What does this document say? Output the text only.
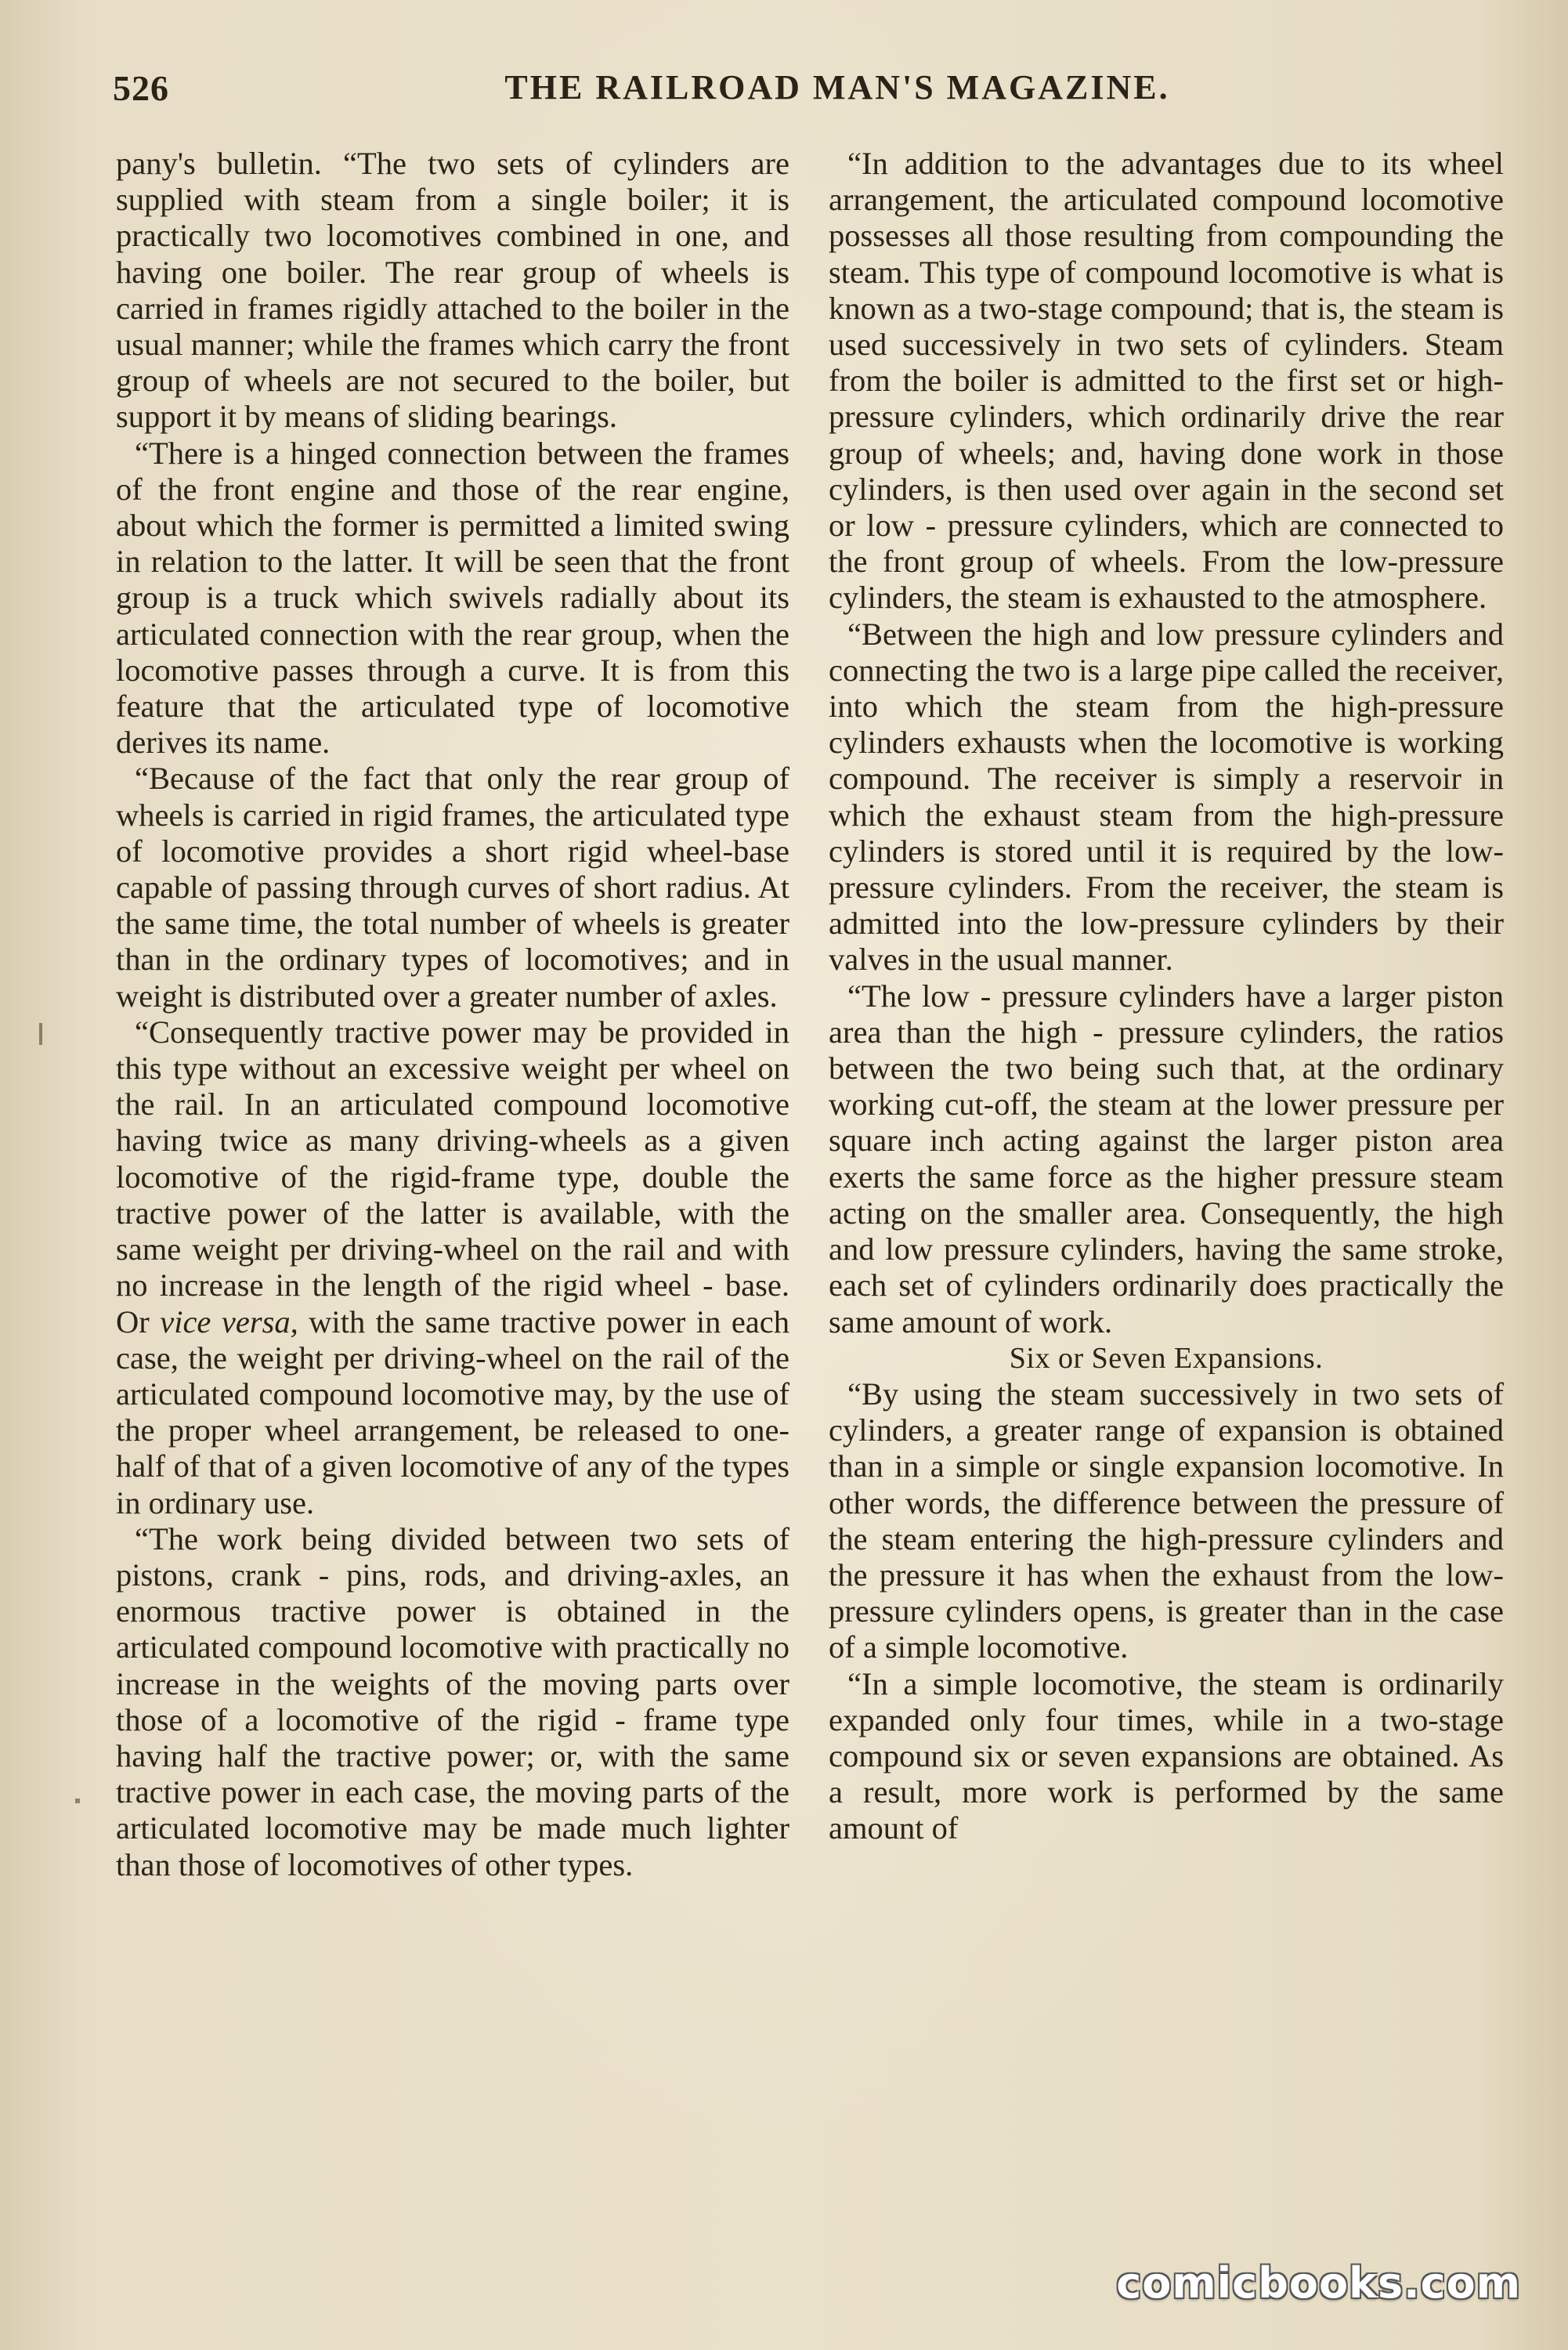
526	THE RAILROAD MAN'S MAGAZINE.

pany's bulletin. “The two sets of cylinders are supplied with steam from a single boiler; it is practically two locomotives combined in one, and having one boiler. The rear group of wheels is carried in frames rigidly attached to the boiler in the usual manner; while the frames which carry the front group of wheels are not secured to the boiler, but support it by means of sliding bearings.

“There is a hinged connection between the frames of the front engine and those of the rear engine, about which the former is permitted a limited swing in relation to the latter. It will be seen that the front group is a truck which swivels radially about its articulated connection with the rear group, when the locomotive passes through a curve. It is from this feature that the articulated type of locomotive derives its name.

“Because of the fact that only the rear group of wheels is carried in rigid frames, the articulated type of locomotive provides a short rigid wheel-base capable of passing through curves of short radius. At the same time, the total number of wheels is greater than in the ordinary types of locomotives; and in weight is distributed over a greater number of axles.

“Consequently tractive power may be provided in this type without an excessive weight per wheel on the rail. In an articulated compound locomotive having twice as many driving-wheels as a given locomotive of the rigid-frame type, double the tractive power of the latter is available, with the same weight per driving-wheel on the rail and with no increase in the length of the rigid wheel - base. Or vice versa, with the same tractive power in each case, the weight per driving-wheel on the rail of the articulated compound locomotive may, by the use of the proper wheel arrangement, be released to one-half of that of a given locomotive of any of the types in ordinary use.

“The work being divided between two sets of pistons, crank - pins, rods, and driving-axles, an enormous tractive power is obtained in the articulated compound locomotive with practically no increase in the weights of the moving parts over those of a locomotive of the rigid - frame type having half the tractive power; or, with the same tractive power in each case, the moving parts of the articulated locomotive may be made much lighter than those of locomotives of other types.

“In addition to the advantages due to its wheel arrangement, the articulated compound locomotive possesses all those resulting from compounding the steam. This type of compound locomotive is what is known as a two-stage compound; that is, the steam is used successively in two sets of cylinders. Steam from the boiler is admitted to the first set or high-pressure cylinders, which ordinarily drive the rear group of wheels; and, having done work in those cylinders, is then used over again in the second set or low - pressure cylinders, which are connected to the front group of wheels. From the low-pressure cylinders, the steam is exhausted to the atmosphere.

“Between the high and low pressure cylinders and connecting the two is a large pipe called the receiver, into which the steam from the high-pressure cylinders exhausts when the locomotive is working compound. The receiver is simply a reservoir in which the exhaust steam from the high-pressure cylinders is stored until it is required by the low-pressure cylinders. From the receiver, the steam is admitted into the low-pressure cylinders by their valves in the usual manner.

“The low - pressure cylinders have a larger piston area than the high - pressure cylinders, the ratios between the two being such that, at the ordinary working cut-off, the steam at the lower pressure per square inch acting against the larger piston area exerts the same force as the higher pressure steam acting on the smaller area. Consequently, the high and low pressure cylinders, having the same stroke, each set of cylinders ordinarily does practically the same amount of work.

Six or Seven Expansions.

“By using the steam successively in two sets of cylinders, a greater range of expansion is obtained than in a simple or single expansion locomotive. In other words, the difference between the pressure of the steam entering the high-pressure cylinders and the pressure it has when the exhaust from the low-pressure cylinders opens, is greater than in the case of a simple locomotive.

“In a simple locomotive, the steam is ordinarily expanded only four times, while in a two-stage compound six or seven expansions are obtained. As a result, more work is performed by the same amount of

comicbooks.com
